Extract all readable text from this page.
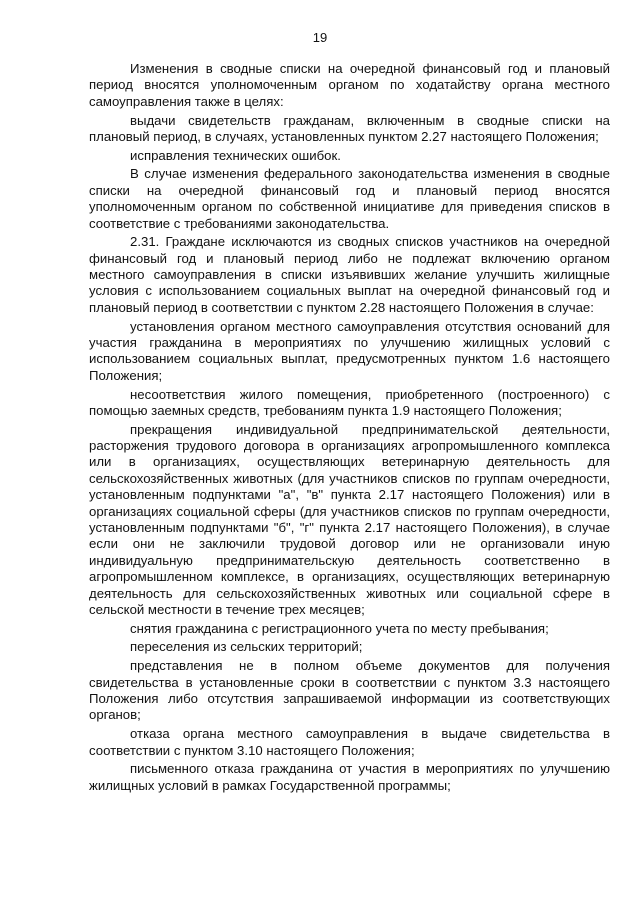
19

Изменения в сводные списки на очередной финансовый год и плановый период вносятся уполномоченным органом по ходатайству органа местного самоуправления также в целях:

выдачи свидетельств гражданам, включенным в сводные списки на плановый период, в случаях, установленных пунктом 2.27 настоящего Положения;

исправления технических ошибок.

В случае изменения федерального законодательства изменения в сводные списки на очередной финансовый год и плановый период вносятся уполномоченным органом по собственной инициативе для приведения списков в соответствие с требованиями законодательства.

2.31. Граждане исключаются из сводных списков участников на очередной финансовый год и плановый период либо не подлежат включению органом местного самоуправления в списки изъявивших желание улучшить жилищные условия с использованием социальных выплат на очередной финансовый год и плановый период в соответствии с пунктом 2.28 настоящего Положения в случае:

установления органом местного самоуправления отсутствия оснований для участия гражданина в мероприятиях по улучшению жилищных условий с использованием социальных выплат, предусмотренных пунктом 1.6 настоящего Положения;

несоответствия жилого помещения, приобретенного (построенного) с помощью заемных средств, требованиям пункта 1.9 настоящего Положения;

прекращения индивидуальной предпринимательской деятельности, расторжения трудового договора в организациях агропромышленного комплекса или в организациях, осуществляющих ветеринарную деятельность для сельскохозяйственных животных (для участников списков по группам очередности, установленным подпунктами "а", "в" пункта 2.17 настоящего Положения) или в организациях социальной сферы (для участников списков по группам очередности, установленным подпунктами "б", "г" пункта 2.17 настоящего Положения), в случае если они не заключили трудовой договор или не организовали иную индивидуальную предпринимательскую деятельность соответственно в агропромышленном комплексе, в организациях, осуществляющих ветеринарную деятельность для сельскохозяйственных животных или социальной сфере в сельской местности в течение трех месяцев;

снятия гражданина с регистрационного учета по месту пребывания;

переселения из сельских территорий;

представления не в полном объеме документов для получения свидетельства в установленные сроки в соответствии с пунктом 3.3 настоящего Положения либо отсутствия запрашиваемой информации из соответствующих органов;

отказа органа местного самоуправления в выдаче свидетельства в соответствии с пунктом 3.10 настоящего Положения;

письменного отказа гражданина от участия в мероприятиях по улучшению жилищных условий в рамках Государственной программы;
